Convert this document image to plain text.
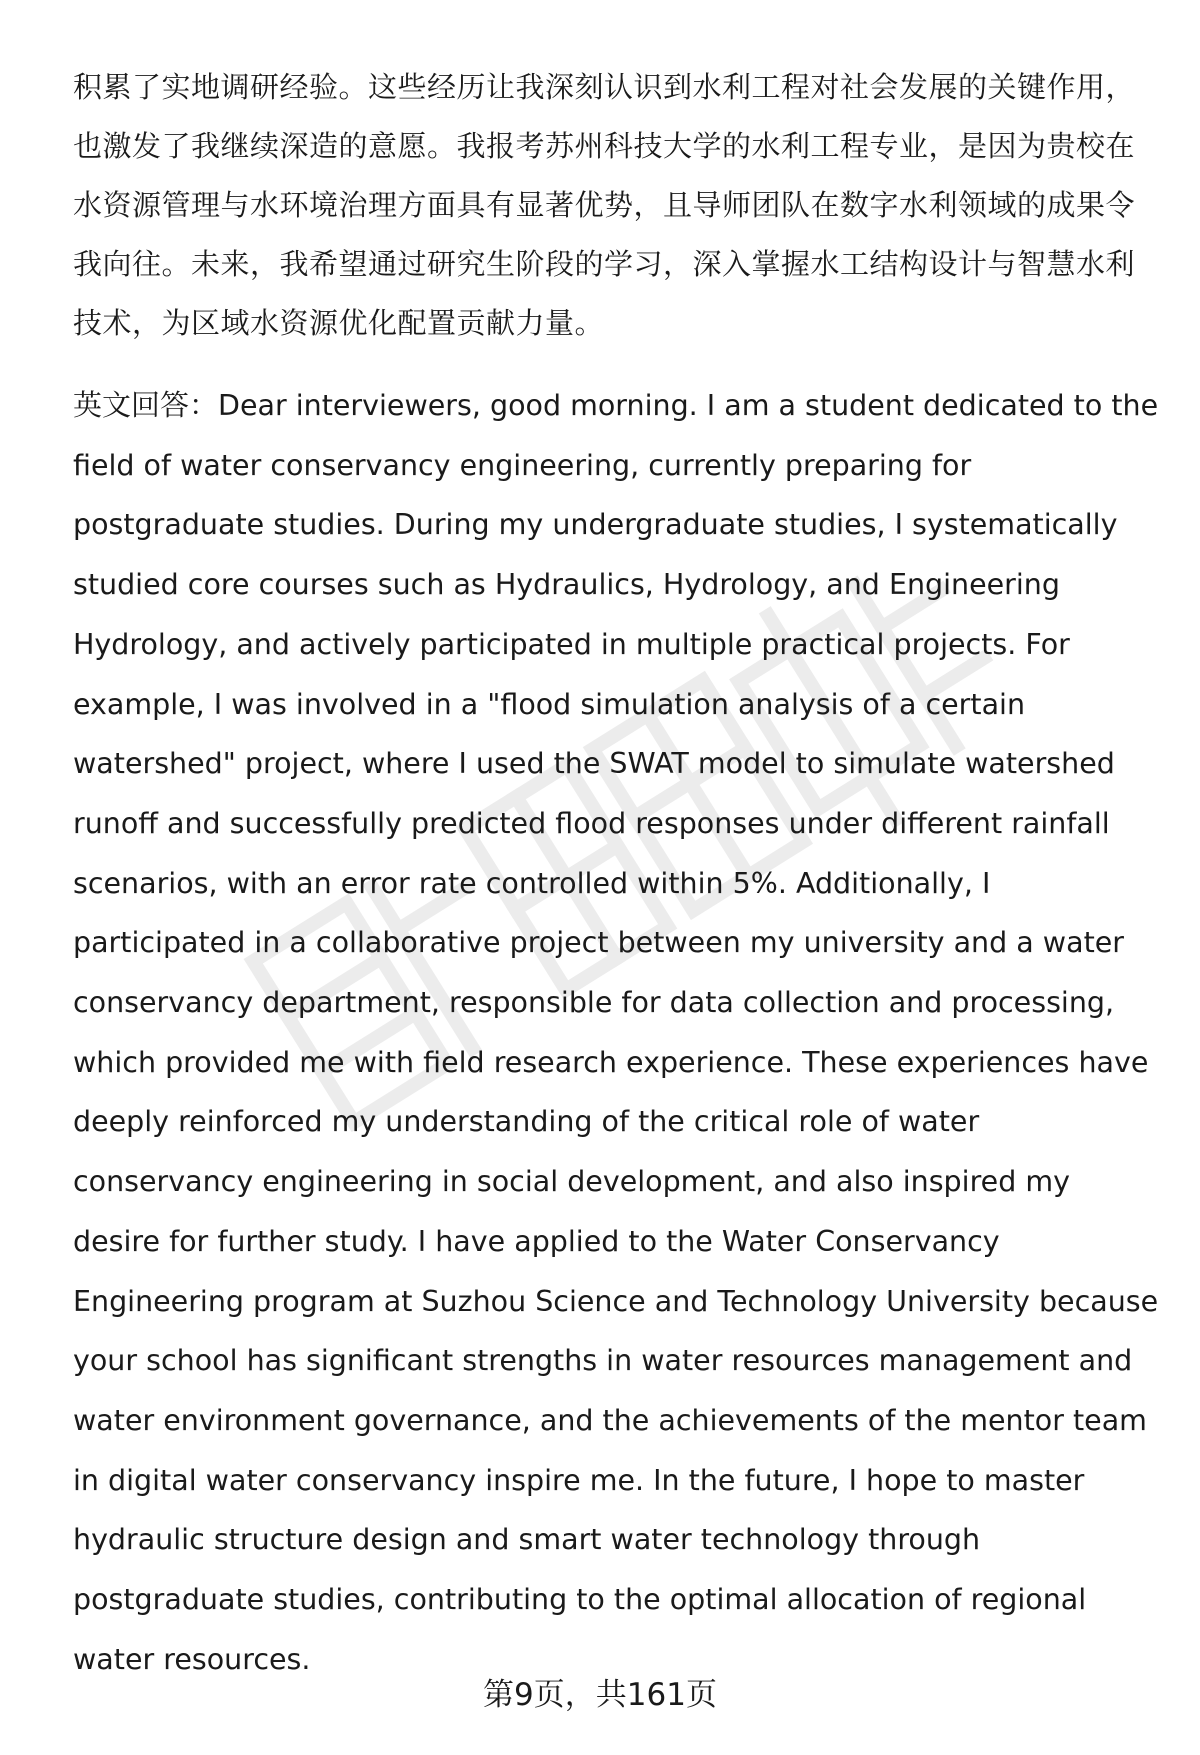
积累了实地调研经验。这些经历让我深刻认识到水利工程对社会发展的关键作用，也激发了我继续深造的意愿。我报考苏州科技大学的水利工程专业，是因为贵校在水资源管理与水环境治理方面具有显著优势，且导师团队在数字水利领域的成果令我向往。未来，我希望通过研究生阶段的学习，深入掌握水工结构设计与智慧水利技术，为区域水资源优化配置贡献力量。

英文回答：Dear interviewers, good morning. I am a student dedicated to the field of water conservancy engineering, currently preparing for postgraduate studies. During my undergraduate studies, I systematically studied core courses such as Hydraulics, Hydrology, and Engineering Hydrology, and actively participated in multiple practical projects. For example, I was involved in a "flood simulation analysis of a certain watershed" project, where I used the SWAT model to simulate watershed runoff and successfully predicted flood responses under different rainfall scenarios, with an error rate controlled within 5%. Additionally, I participated in a collaborative project between my university and a water conservancy department, responsible for data collection and processing, which provided me with field research experience. These experiences have deeply reinforced my understanding of the critical role of water conservancy engineering in social development, and also inspired my desire for further study. I have applied to the Water Conservancy Engineering program at Suzhou Science and Technology University because your school has significant strengths in water resources management and water environment governance, and the achievements of the mentor team in digital water conservancy inspire me. In the future, I hope to master hydraulic structure design and smart water technology through postgraduate studies, contributing to the optimal allocation of regional water resources.

第9页，共161页
